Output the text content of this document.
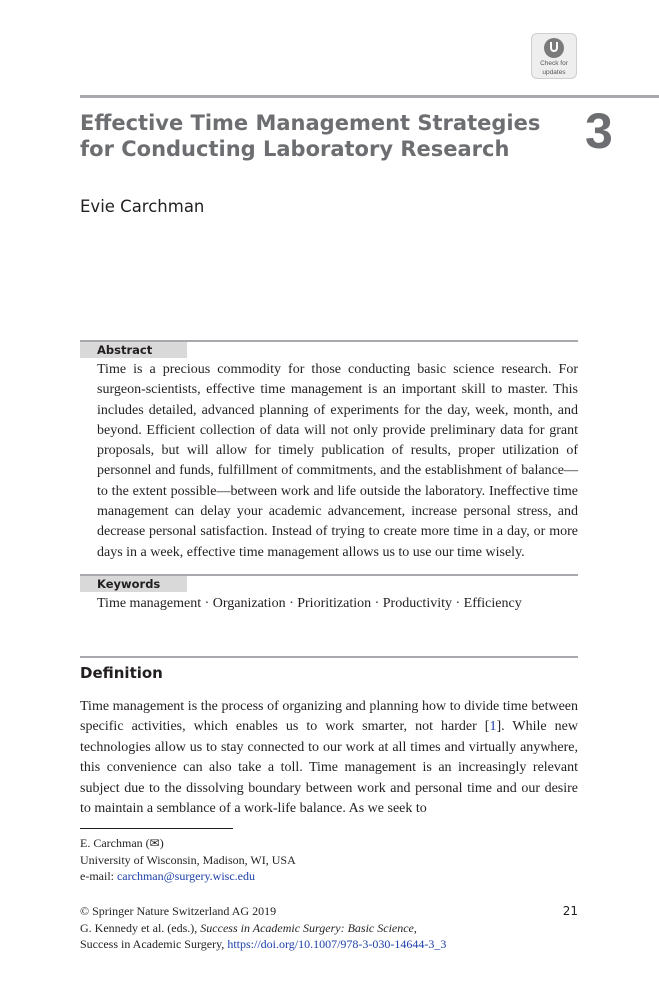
Check for
updates
3
Effective Time Management Strategies for Conducting Laboratory Research
Evie Carchman
Abstract

Time is a precious commodity for those conducting basic science research. For surgeon-scientists, effective time management is an important skill to master. This includes detailed, advanced planning of experiments for the day, week, month, and beyond. Efficient collection of data will not only provide preliminary data for grant proposals, but will allow for timely publication of results, proper utilization of personnel and funds, fulfillment of commitments, and the establishment of balance—to the extent possible—between work and life outside the laboratory. Ineffective time management can delay your academic advancement, increase personal stress, and decrease personal satisfaction. Instead of trying to create more time in a day, or more days in a week, effective time management allows us to use our time wisely.

Keywords

Time management · Organization · Prioritization · Productivity · Efficiency

Definition

Time management is the process of organizing and planning how to divide time between specific activities, which enables us to work smarter, not harder [1]. While new technologies allow us to stay connected to our work at all times and virtually anywhere, this convenience can also take a toll. Time management is an increasingly relevant subject due to the dissolving boundary between work and personal time and our desire to maintain a semblance of a work-life balance. As we seek to

E. Carchman (✉)
University of Wisconsin, Madison, WI, USA
e-mail: carchman@surgery.wisc.edu
© Springer Nature Switzerland AG 2019
G. Kennedy et al. (eds.), Success in Academic Surgery: Basic Science,
Success in Academic Surgery, https://doi.org/10.1007/978-3-030-14644-3_3
21
